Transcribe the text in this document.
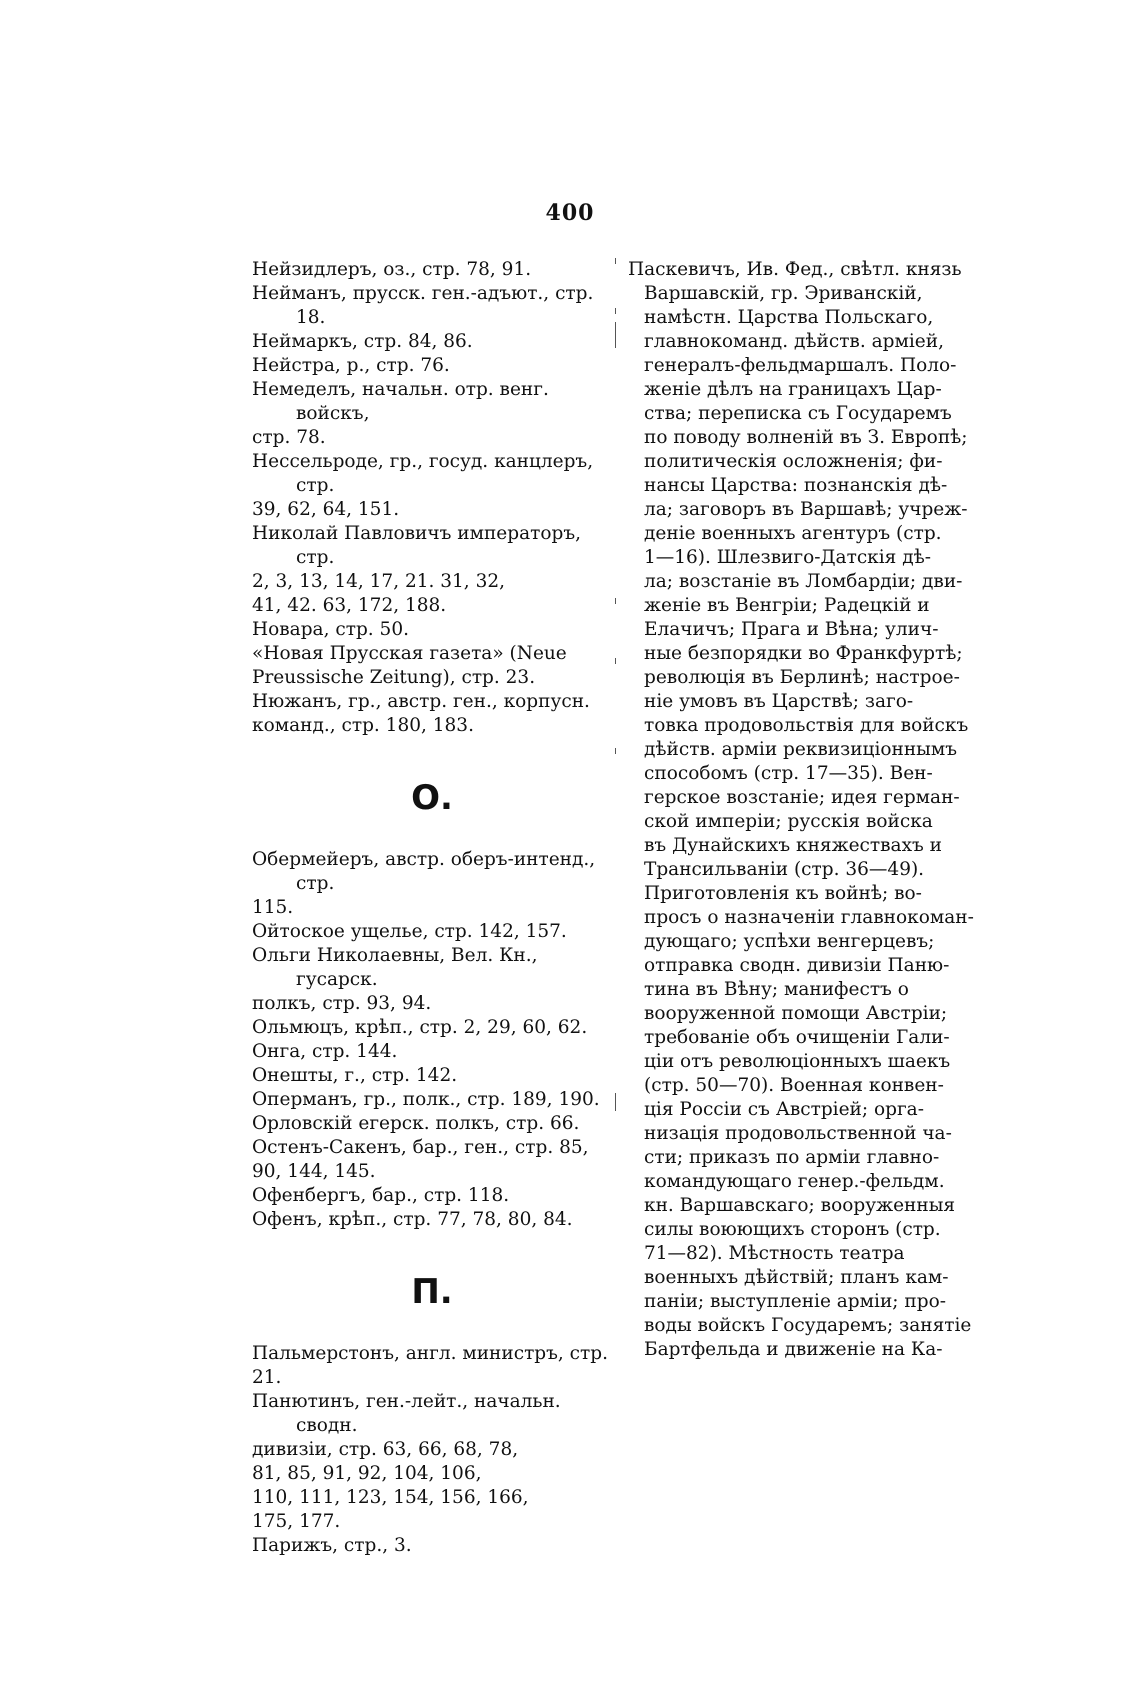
400

Нейзидлеръ, оз., стр. 78, 91.

Нейманъ, прусск. ген.-адъют., стр. 18.

Неймаркъ, стр. 84, 86.

Нейстра, р., стр. 76.

Немеделъ, начальн. отр. венг. войскъ,
стр. 78.

Нессельроде, гр., госуд. канцлеръ, стр.
39, 62, 64, 151.

Николай Павловичъ императоръ, стр.
2, 3, 13, 14, 17, 21. 31, 32,
41, 42. 63, 172, 188.

Новара, стр. 50.

«Новая Прусская газета» (Neue
Preussische Zeitung), стр. 23.

Нюжанъ, гр., австр. ген., корпусн.
команд., стр. 180, 183.

О.

Обермейеръ, австр. оберъ-интенд., стр.
115.

Ойтоское ущелье, стр. 142, 157.

Ольги Николаевны, Вел. Кн., гусарск.
полкъ, стр. 93, 94.

Ольмюцъ, крѣп., стр. 2, 29, 60, 62.

Онга, стр. 144.

Онешты, г., стр. 142.

Оперманъ, гр., полк., стр. 189, 190.

Орловскій егерск. полкъ, стр. 66.

Остенъ-Сакенъ, бар., ген., стр. 85,
90, 144, 145.

Офенбергъ, бар., стр. 118.

Офенъ, крѣп., стр. 77, 78, 80, 84.

П.

Пальмерстонъ, англ. министръ, стр.
21.

Панютинъ, ген.-лейт., начальн. сводн.
дивизіи, стр. 63, 66, 68, 78,
81, 85, 91, 92, 104, 106,
110, 111, 123, 154, 156, 166,
175, 177.

Парижъ, стр., 3.

Паскевичъ, Ив. Фед., свѣтл. князь
Варшавскій, гр. Эриванскій,
намѣстн. Царства Польскаго,
главнокоманд. дѣйств. арміей,
генералъ-фельдмаршалъ. Поло-
женіе дѣлъ на границахъ Цар-
ства; переписка съ Государемъ
по поводу волненій въ З. Европѣ;
политическія осложненія; фи-
нансы Царства: познанскія дѣ-
ла; заговоръ въ Варшавѣ; учреж-
деніе военныхъ агентуръ (стр.
1—16). Шлезвиго-Датскія дѣ-
ла; возстаніе въ Ломбардіи; дви-
женіе въ Венгріи; Радецкій и
Елачичъ; Прага и Вѣна; улич-
ные безпорядки во Франкфуртѣ;
революція въ Берлинѣ; настрое-
ніе умовъ въ Царствѣ; заго-
товка продовольствія для войскъ
дѣйств. арміи реквизиціоннымъ
способомъ (стр. 17—35). Вен-
герское возстаніе; идея герман-
ской имперіи; русскія войска
въ Дунайскихъ княжествахъ и
Трансильваніи (стр. 36—49).
Приготовленія къ войнѣ; во-
просъ о назначеніи главнокоман-
дующаго; успѣхи венгерцевъ;
отправка сводн. дивизіи Паню-
тина въ Вѣну; манифестъ о
вооруженной помощи Австріи;
требованіе объ очищеніи Гали-
ціи отъ революціонныхъ шаекъ
(стр. 50—70). Военная конвен-
ція Россіи съ Австріей; орга-
низація продовольственной ча-
сти; приказъ по арміи главно-
командующаго генер.-фельдм.
кн. Варшавскаго; вооруженныя
силы воюющихъ сторонъ (стр.
71—82). Мѣстность театра
военныхъ дѣйствій; планъ кам-
паніи; выступленіе арміи; про-
воды войскъ Государемъ; занятіе
Бартфельда и движеніе на Ка-
